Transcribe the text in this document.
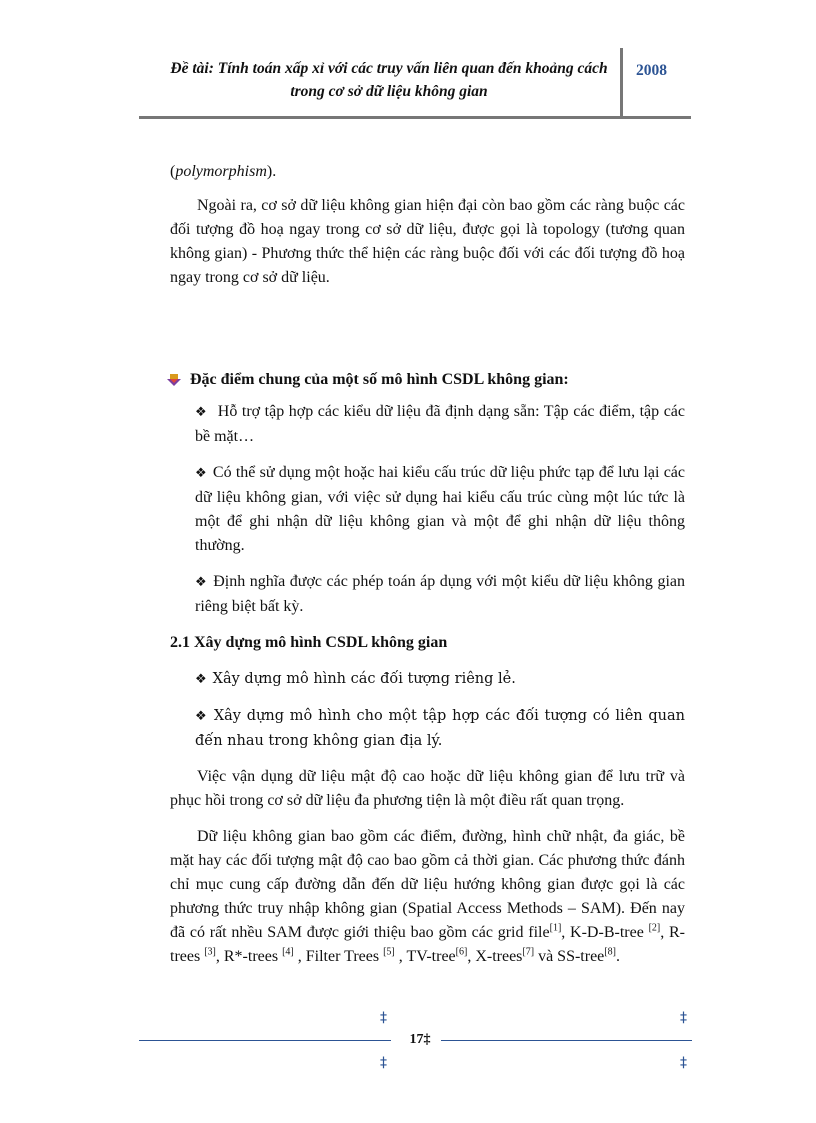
Đề tài: Tính toán xấp xỉ với các truy vấn liên quan đến khoảng cách
trong cơ sở dữ liệu không gian
2008

(polymorphism).

Ngoài ra, cơ sở dữ liệu không gian hiện đại còn bao gồm các ràng buộc các đối tượng đồ hoạ ngay trong cơ sở dữ liệu, được gọi là topology (tương quan không gian) - Phương thức thể hiện các ràng buộc đối với các đối tượng đồ hoạ ngay trong cơ sở dữ liệu.

Đặc điểm chung của một số mô hình CSDL không gian:

❖ Hỗ trợ tập hợp các kiểu dữ liệu đã định dạng sẵn: Tập các điểm, tập các bề mặt…

❖ Có thể sử dụng một hoặc hai kiểu cấu trúc dữ liệu phức tạp để lưu lại các dữ liệu không gian, với việc sử dụng hai kiểu cấu trúc cùng một lúc tức là một để ghi nhận dữ liệu không gian và một để ghi nhận dữ liệu thông thường.

❖ Định nghĩa được các phép toán áp dụng với một kiểu dữ liệu không gian riêng biệt bất kỳ.

2.1 Xây dựng mô hình CSDL không gian

❖ Xây dựng mô hình các đối tượng riêng lẻ.

❖ Xây dựng mô hình cho một tập hợp các đối tượng có liên quan đến nhau trong không gian địa lý.

Việc vận dụng dữ liệu mật độ cao hoặc dữ liệu không gian để lưu trữ và phục hồi trong cơ sở dữ liệu đa phương tiện là một điều rất quan trọng.

Dữ liệu không gian bao gồm các điểm, đường, hình chữ nhật, đa giác, bề mặt hay các đối tượng mật độ cao bao gồm cả thời gian. Các phương thức đánh chỉ mục cung cấp đường dẫn đến dữ liệu hướng không gian được gọi là các phương thức truy nhập không gian (Spatial Access Methods – SAM). Đến nay đã có rất nhều SAM được giới thiệu bao gồm các grid file[1], K-D-B-tree [2], R-trees [3], R*-trees [4] , Filter Trees [5] , TV-tree[6], X-trees[7] và SS-tree[8].

‡	‡
‡	‡
17‡
